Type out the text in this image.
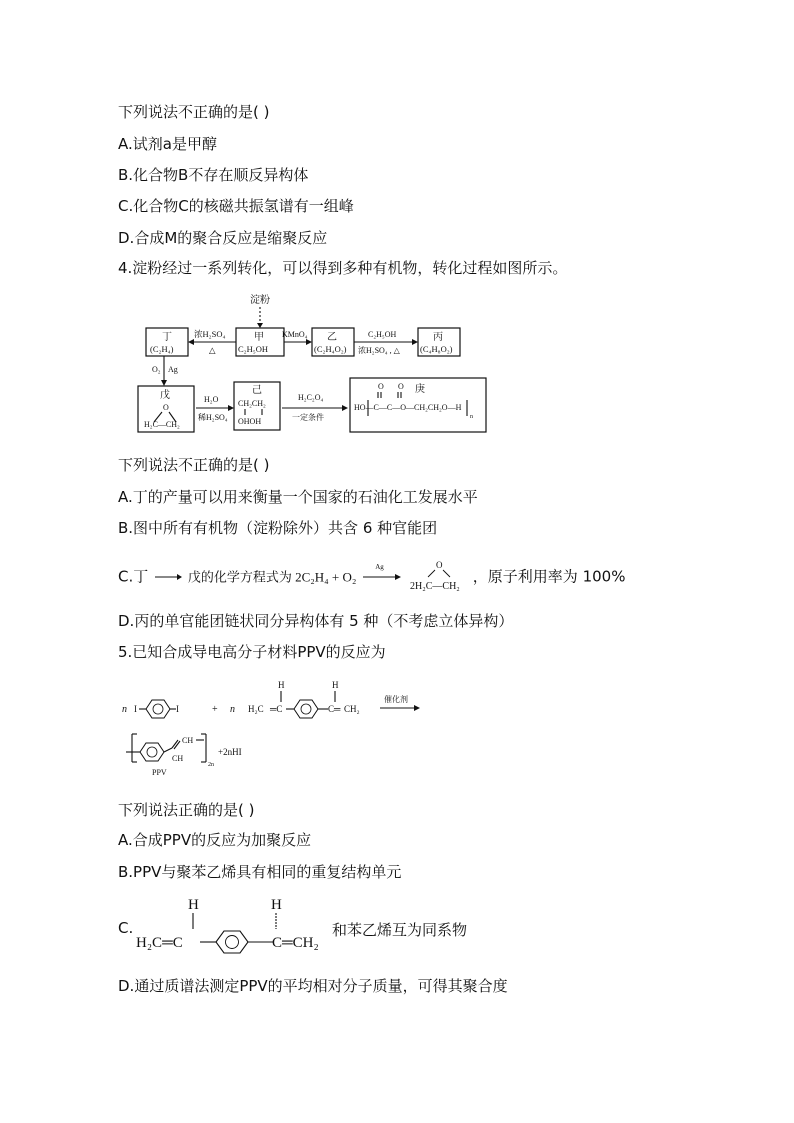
下列说法不正确的是( )
A.试剂a是甲醇
B.化合物B不存在顺反异构体
C.化合物C的核磁共振氢谱有一组峰
D.合成M的聚合反应是缩聚反应
4.淀粉经过一系列转化，可以得到多种有机物，转化过程如图所示。
淀粉
丁
(C₂H₄)
甲
C₂H₅OH
乙
(C₂H₄O₂)
丙
(C₄H₈O₂)
浓H₂SO₄
△
KMnO₄	C₂H₅OH
浓H₂SO₄ , △
O₂ Ag
戊
O
H₂C—CH₂
H₂O
稀H₂SO₄
己
CH₂CH₂
OHOH
H₂C₂O₄
一定条件
O O 庚
HO—C—C—O—CH₂CH₂O—H
n
下列说法不正确的是( )
A.丁的产量可以用来衡量一个国家的石油化工发展水平
B.图中所有有机物（淀粉除外）共含 6 种官能团
C.丁 → 戊的化学方程式为 2C₂H₄ + O₂
Ag
	O
2H₂C—CH₂
，原子利用率为 100%
D.丙的单官能团链状同分异构体有 5 种（不考虑立体异构）
5.已知合成导电高分子材料PPV的反应为
n I	I	+ n H₂C ═C
H
C═
H
CH₂
催化剂
CH
CH
2n
+2nHI
PPV
下列说法正确的是( )
A.合成PPV的反应为加聚反应
B.PPV与聚苯乙烯具有相同的重复结构单元
C.
H
H₂C═C
H
C═CH₂
和苯乙烯互为同系物
D.通过质谱法测定PPV的平均相对分子质量，可得其聚合度
